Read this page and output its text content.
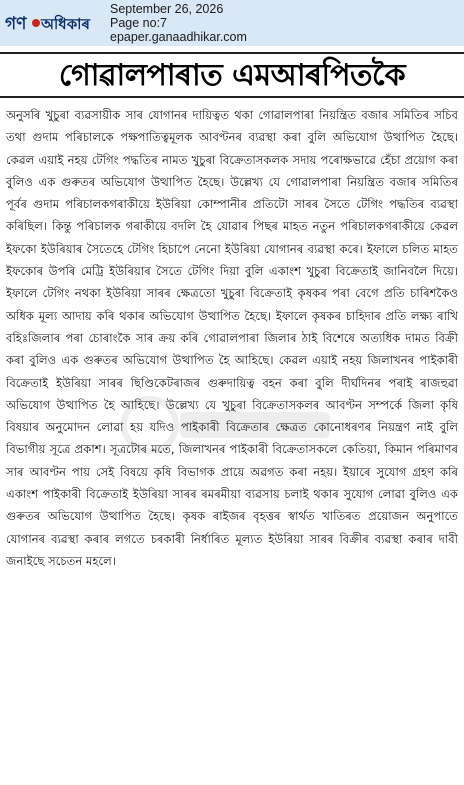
গণ অধিকাৰ
September 26, 2026
Page no:7
epaper.ganaadhikar.com
গোৱালপাৰাত এমআৰপিতকৈ
অনুসৰি খুচুৰা ব্যৱসায়ীক সাৰ যোগানৰ দায়িত্বত থকা গোৱালপাৰা নিয়ন্ত্রিত বজাৰ সমিতিৰ সচিব তথা গুদাম পৰিচালকে পক্ষপাতিত্বমূলক আবণ্টনৰ ব্যৱস্থা কৰা বুলি অভিযোগ উত্থাপিত হৈছে। কেৱল এয়াই নহয় টেগিং পদ্ধতিৰ নামত খুচুৰা বিক্রেতাসকলক সদায় পৰোক্ষভাৱে হেঁচা প্রয়োগ কৰা বুলিও এক গুৰুতৰ অভিযোগ উত্থাপিত হৈছে। উল্লেখ্য যে গোৱালপাৰা নিয়ন্ত্রিত বজাৰ সমিতিৰ পূৰ্বৰ গুদাম পৰিচালকগৰাকীয়ে ইউৰিয়া কোম্পানীৰ প্ৰতিটো সাৰৰ সৈতে টেগিং পদ্ধতিৰ ব্যৱস্থা কৰিছিল। কিন্তু পৰিচালক গৰাকীয়ে বদলি হৈ যোৱাৰ পিছৰ মাহত নতুন পৰিচালকগৰাকীয়ে কেৱল ইফকো ইউৰিয়াৰ সৈতেহে টেগিং হিচাপে নেনো ইউৰিয়া যোগানৰ ব্যৱস্থা কৰে। ইফালে চলিত মাহত ইফকোৰ উপৰি মেট্রি ইউৰিয়াৰ সৈতে টেগিং দিয়া বুলি একাংশ খুচুৰা বিক্রেতাই জানিবলৈ দিয়ে। ইফালে টেগিং নথকা ইউৰিয়া সাৰৰ ক্ষেত্রতো খুচুৰা বিক্রেতাই কৃষকৰ পৰা বেগে প্রতি চাৰিশকৈও অধিক মূল্য আদায় কৰি থকাৰ অভিযোগ উত্থাপিত হৈছে। ইফালে কৃষকৰ চাহিদাৰ প্ৰতি লক্ষ্য ৰাখি বহিঃজিলাৰ পৰা চোৰাংকৈ সাৰ ক্রয় কৰি গোৱালপাৰা জিলাৰ ঠাই বিশেষে অত্যধিক দামত বিক্রী কৰা বুলিও এক গুৰুতৰ অভিযোগ উত্থাপিত হৈ আহিছে। কেৱল এয়াই নহয় জিলাখনৰ পাইকাৰী বিক্রেতাই ইউৰিয়া সাৰৰ ছিণ্ডিকেটৰাজৰ গুৰুদায়িত্ব বহন কৰা বুলি দীৰ্ঘদিনৰ পৰাই ৰাজহুৱা অভিযোগ উত্থাপিত হৈ আহিছে। উল্লেখ্য যে খুচুৰা বিক্রেতাসকলৰ আবণ্টন সম্পৰ্কে জিলা কৃষি বিষয়াৰ অনুমোদন লোৱা হয় যদিও পাইকাৰী বিক্রেতাৰ ক্ষেত্ৰত কোনোধৰণৰ নিয়ন্ত্ৰণ নাই বুলি বিভাগীয় সূত্ৰে প্ৰকাশ। সূত্ৰটোৰ মতে, জিলাখনৰ পাইকাৰী বিক্রেতাসকলে কেতিয়া, কিমান পৰিমাণৰ সাৰ আবণ্টন পায় সেই বিষয়ে কৃষি বিভাগক প্ৰায়ে অৱগত কৰা নহয়। ইয়াৰে সুযোগ গ্ৰহণ কৰি একাংশ পাইকাৰী বিক্রেতাই ইউৰিয়া সাৰৰ ৰমৰমীয়া ব্যৱসায় চলাই থকাৰ সুযোগ লোৱা বুলিও এক গুৰুতৰ অভিযোগ উত্থাপিত হৈছে। কৃষক ৰাইজৰ বৃহত্তৰ স্বাৰ্থত খাতিৰত প্ৰয়োজন অনুপাতে যোগানৰ ব্যৱস্থা কৰাৰ লগতে চৰকাৰী নিৰ্ধাৰিত মূল্যত ইউৰিয়া সাৰৰ বিক্ৰীৰ ব্যৱস্থা কৰাৰ দাবী জনাইছে সচেতন মহলে।
